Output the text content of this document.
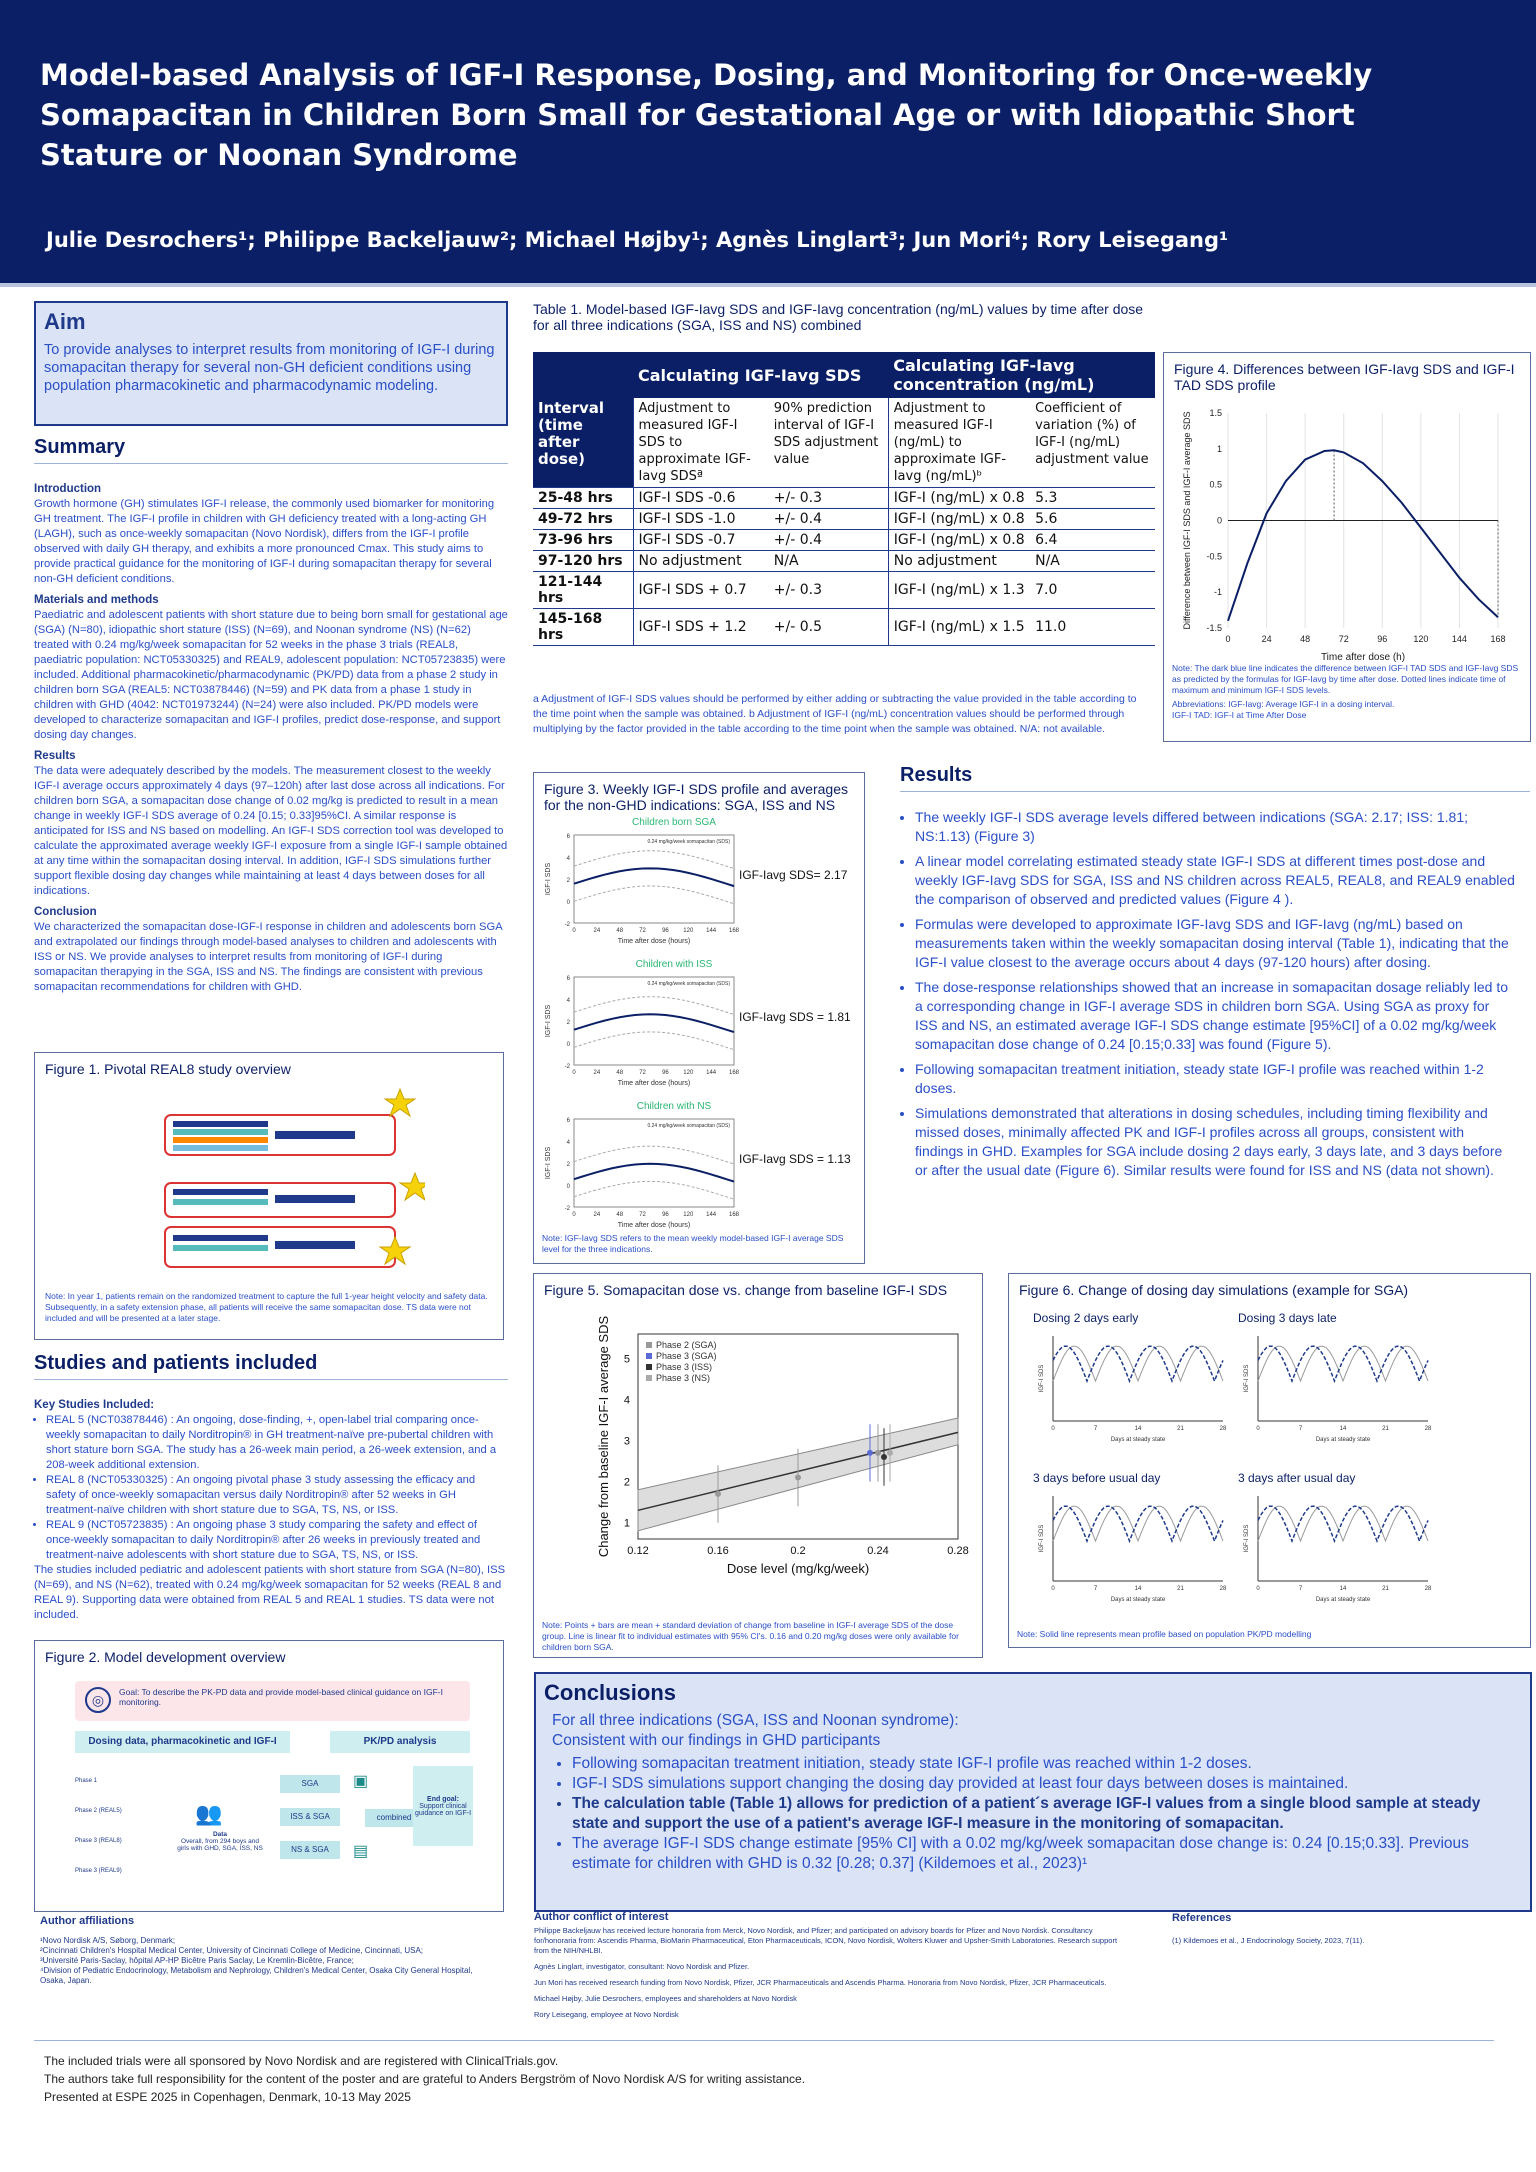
Model-based Analysis of IGF-I Response, Dosing, and Monitoring for Once-weekly Somapacitan in Children Born Small for Gestational Age or with Idiopathic Short Stature or Noonan Syndrome
Julie Desrochers¹; Philippe Backeljauw²; Michael Højby¹; Agnès Linglart³; Jun Mori⁴; Rory Leisegang¹
Aim

To provide analyses to interpret results from monitoring of IGF-I during somapacitan therapy for several non-GH deficient conditions using population pharmacokinetic and pharmacodynamic modeling.

Summary
Introduction

Growth hormone (GH) stimulates IGF-I release, the commonly used biomarker for monitoring GH treatment. The IGF-I profile in children with GH deficiency treated with a long-acting GH (LAGH), such as once-weekly somapacitan (Novo Nordisk), differs from the IGF-I profile observed with daily GH therapy, and exhibits a more pronounced Cmax. This study aims to provide practical guidance for the monitoring of IGF-I during somapacitan therapy for several non-GH deficient conditions.

Materials and methods

Paediatric and adolescent patients with short stature due to being born small for gestational age (SGA) (N=80), idiopathic short stature (ISS) (N=69), and Noonan syndrome (NS) (N=62) treated with 0.24 mg/kg/week somapacitan for 52 weeks in the phase 3 trials (REAL8, paediatric population: NCT05330325) and REAL9, adolescent population: NCT05723835) were included. Additional pharmacokinetic/pharmacodynamic (PK/PD) data from a phase 2 study in children born SGA (REAL5: NCT03878446) (N=59) and PK data from a phase 1 study in children with GHD (4042: NCT01973244) (N=24) were also included. PK/PD models were developed to characterize somapacitan and IGF-I profiles, predict dose-response, and support dosing day changes.

Results

The data were adequately described by the models. The measurement closest to the weekly IGF-I average occurs approximately 4 days (97–120h) after last dose across all indications. For children born SGA, a somapacitan dose change of 0.02 mg/kg is predicted to result in a mean change in weekly IGF-I SDS average of 0.24 [0.15; 0.33]95%CI. A similar response is anticipated for ISS and NS based on modelling. An IGF-I SDS correction tool was developed to calculate the approximated average weekly IGF-I exposure from a single IGF-I sample obtained at any time within the somapacitan dosing interval. In addition, IGF-I SDS simulations further support flexible dosing day changes while maintaining at least 4 days between doses for all indications.

Conclusion

We characterized the somapacitan dose-IGF-I response in children and adolescents born SGA and extrapolated our findings through model-based analyses to children and adolescents with ISS or NS. We provide analyses to interpret results from monitoring of IGF-I during somapacitan therapying in the SGA, ISS and NS. The findings are consistent with previous somapacitan recommendations for children with GHD.

Figure 1. Pivotal REAL8 study overview
Note: In year 1, patients remain on the randomized treatment to capture the full 1-year height velocity and safety data. Subsequently, in a safety extension phase, all patients will receive the same somapacitan dose. TS data were not included and will be presented at a later stage.
Studies and patients included
Key Studies Included:
• REAL 5 (NCT03878446) : An ongoing, dose-finding, +, open-label trial comparing once-weekly somapacitan to daily Norditropin® in GH treatment-naïve pre-pubertal children with short stature born SGA. The study has a 26-week main period, a 26-week extension, and a 208-week additional extension.
• REAL 8 (NCT05330325) : An ongoing pivotal phase 3 study assessing the efficacy and safety of once-weekly somapacitan versus daily Norditropin® after 52 weeks in GH treatment-naïve children with short stature due to SGA, TS, NS, or ISS.
• REAL 9 (NCT05723835) : An ongoing phase 3 study comparing the safety and effect of once-weekly somapacitan to daily Norditropin® after 26 weeks in previously treated and treatment-naive adolescents with short stature due to SGA, TS, NS, or ISS.

The studies included pediatric and adolescent patients with short stature from SGA (N=80), ISS (N=69), and NS (N=62), treated with 0.24 mg/kg/week somapacitan for 52 weeks (REAL 8 and REAL 9). Supporting data were obtained from REAL 5 and REAL 1 studies. TS data were not included.

Figure 2. Model development overview
◎	Goal: To describe the PK-PD data and provide model-based clinical guidance on IGF-I monitoring.
Dosing data, pharmacokinetic and IGF-I	PK/PD analysis
Phase 1
Phase 2 (REAL5)
Phase 3 (REAL8)
Phase 3 (REAL9)
👥
Data
Overall, from 294 boys and girls with GHD, SGA, ISS, NS
SGA
ISS & SGA
NS & SGA
combined
▣
▤
End goal:
Support clinical guidance on IGF-I
Table 1. Model-based IGF-Iavg SDS and IGF-Iavg concentration (ng/mL) values by time after dose for all three indications (SGA, ISS and NS) combined
	Calculating IGF-Iavg SDS		Calculating IGF-Iavg concentration (ng/mL)	
Interval (time after dose)	Adjustment to measured IGF-I SDS to approximate IGF-Iavg SDSª	90% prediction interval of IGF-I SDS adjustment value	Adjustment to measured IGF-I (ng/mL) to approximate IGF-Iavg (ng/mL)ᵇ	Coefficient of variation (%) of IGF-I (ng/mL) adjustment value
25-48 hrs	IGF-I SDS -0.6	+/- 0.3	IGF-I (ng/mL) x 0.8	5.3
49-72 hrs	IGF-I SDS -1.0	+/- 0.4	IGF-I (ng/mL) x 0.8	5.6
73-96 hrs	IGF-I SDS -0.7	+/- 0.4	IGF-I (ng/mL) x 0.8	6.4
97-120 hrs	No adjustment	N/A	No adjustment	N/A
121-144 hrs	IGF-I SDS + 0.7	+/- 0.3	IGF-I (ng/mL) x 1.3	7.0
145-168 hrs	IGF-I SDS + 1.2	+/- 0.5	IGF-I (ng/mL) x 1.5	11.0
a Adjustment of IGF-I SDS values should be performed by either adding or subtracting the value provided in the table according to the time point when the sample was obtained. b Adjustment of IGF-I (ng/mL) concentration values should be performed through multiplying by the factor provided in the table according to the time point when the sample was obtained. N/A: not available.
Figure 4. Differences between IGF-Iavg SDS and IGF-I TAD SDS profile
0	24	48	72	96	120	144	168
-1.5
-1
-0.5
0
0.5
1
1.5
Time after dose (h)
Difference between IGF-I SDS and IGF-I average SDS
Note: The dark blue line indicates the difference between IGF-I TAD SDS and IGF-Iavg SDS as predicted by the formulas for IGF-Iavg by time after dose. Dotted lines indicate time of maximum and minimum IGF-I SDS levels.
Abbreviations: IGF-Iavg: Average IGF-I in a dosing interval.
IGF-I TAD: IGF-I at Time After Dose
Figure 3. Weekly IGF-I SDS profile and averages for the non-GHD indications: SGA, ISS and NS
Children born SGA
0.24 mg/kg/week somapacitan (SDS)
-2
0
2
4
6
0	24	48	72	96 120 144 168
Time after dose (hours)
IGF-I SDS	IGF-Iavg SDS= 2.17
Children with ISS
0.24 mg/kg/week somapacitan (SDS)
-2
0
2
4
6
0	24	48	72	96 120 144 168
Time after dose (hours)
IGF-I SDS	IGF-Iavg SDS = 1.81
Children with NS
0.24 mg/kg/week somapacitan (SDS)
-2
0
2
4
6
0	24	48	72	96 120 144 168
Time after dose (hours)
IGF-I SDS	IGF-Iavg SDS = 1.13
Note: IGF-Iavg SDS refers to the mean weekly model-based IGF-I average SDS level for the three indications.
Results
• The weekly IGF-I SDS average levels differed between indications (SGA: 2.17; ISS: 1.81; NS:1.13) (Figure 3)
• A linear model correlating estimated steady state IGF-I SDS at different times post-dose and weekly IGF-Iavg SDS for SGA, ISS and NS children across REAL5, REAL8, and REAL9 enabled the comparison of observed and predicted values (Figure 4 ).
• Formulas were developed to approximate IGF-Iavg SDS and IGF-Iavg (ng/mL) based on measurements taken within the weekly somapacitan dosing interval (Table 1), indicating that the IGF-I value closest to the average occurs about 4 days (97-120 hours) after dosing.
• The dose-response relationships showed that an increase in somapacitan dosage reliably led to a corresponding change in IGF-I average SDS in children born SGA. Using SGA as proxy for ISS and NS, an estimated average IGF-I SDS change estimate [95%CI] of a 0.02 mg/kg/week somapacitan dose change of 0.24 [0.15;0.33] was found (Figure 5).
• Following somapacitan treatment initiation, steady state IGF-I profile was reached within 1-2 doses.
• Simulations demonstrated that alterations in dosing schedules, including timing flexibility and missed doses, minimally affected PK and IGF-I profiles across all groups, consistent with findings in GHD. Examples for SGA include dosing 2 days early, 3 days late, and 3 days before or after the usual date (Figure 6). Similar results were found for ISS and NS (data not shown).
Figure 5. Somapacitan dose vs. change from baseline IGF-I SDS
0.12	0.16	0.2	0.24	0.28
1
2
3
4
5
Phase 2 (SGA)
Phase 3 (SGA)
Phase 3 (ISS)
Phase 3 (NS)
Dose level (mg/kg/week)
Change from baseline IGF-I average SDS
Note: Points + bars are mean + standard deviation of change from baseline in IGF-I average SDS of the dose group. Line is linear fit to individual estimates with 95% CI's. 0.16 and 0.20 mg/kg doses were only available for children born SGA.
Figure 6. Change of dosing day simulations (example for SGA)
Dosing 2 days early
0	7	14	21	28
Days at steady state
IGF-I SDS
Dosing 3 days late
0	7	14	21	28
Days at steady state
IGF-I SDS
3 days before usual day
0	7	14	21	28
Days at steady state
IGF-I SDS
3 days after usual day
0	7	14	21	28
Days at steady state
IGF-I SDS
Note: Solid line represents mean profile based on population PK/PD modelling
Conclusions

For all three indications (SGA, ISS and Noonan syndrome):

Consistent with our findings in GHD participants

• Following somapacitan treatment initiation, steady state IGF-I profile was reached within 1-2 doses.
• IGF-I SDS simulations support changing the dosing day provided at least four days between doses is maintained.
• The calculation table (Table 1) allows for prediction of a patient´s average IGF-I values from a single blood sample at steady state and support the use of a patient's average IGF-I measure in the monitoring of somapacitan.
• The average IGF-I SDS change estimate [95% CI] with a 0.02 mg/kg/week somapacitan dose change is: 0.24 [0.15;0.33]. Previous estimate for children with GHD is 0.32 [0.28; 0.37] (Kildemoes et al., 2023)¹
Author affiliations
¹Novo Nordisk A/S, Søborg, Denmark;
²Cincinnati Children's Hospital Medical Center, University of Cincinnati College of Medicine, Cincinnati, USA;
³Université Paris-Saclay, hôpital AP-HP Bicêtre Paris Saclay, Le Kremlin-Bicêtre, France;
⁴Division of Pediatric Endocrinology, Metabolism and Nephrology, Children's Medical Center, Osaka City General Hospital, Osaka, Japan.
Author conflict of interest
Philippe Backeljauw has received lecture honoraria from Merck, Novo Nordisk, and Pfizer; and participated on advisory boards for Pfizer and Novo Nordisk. Consultancy for/honoraria from: Ascendis Pharma, BioMarin Pharmaceutical, Eton Pharmaceuticals, ICON, Novo Nordisk, Wolters Kluwer and Upsher-Smith Laboratories. Research support from the NIH/NHLBI.
Agnès Linglart, investigator, consultant: Novo Nordisk and Pfizer.
Jun Mori has received research funding from Novo Nordisk, Pfizer, JCR Pharmaceuticals and Ascendis Pharma. Honoraria from Novo Nordisk, Pfizer, JCR Pharmaceuticals.
Michael Højby, Julie Desrochers, employees and shareholders at Novo Nordisk
Rory Leisegang, employee at Novo Nordisk
References
(1) Kildemoes et al., J Endocrinology Society, 2023, 7(11).
The included trials were all sponsored by Novo Nordisk and are registered with ClinicalTrials.gov.
The authors take full responsibility for the content of the poster and are grateful to Anders Bergström of Novo Nordisk A/S for writing assistance.
Presented at ESPE 2025 in Copenhagen, Denmark, 10-13 May 2025
